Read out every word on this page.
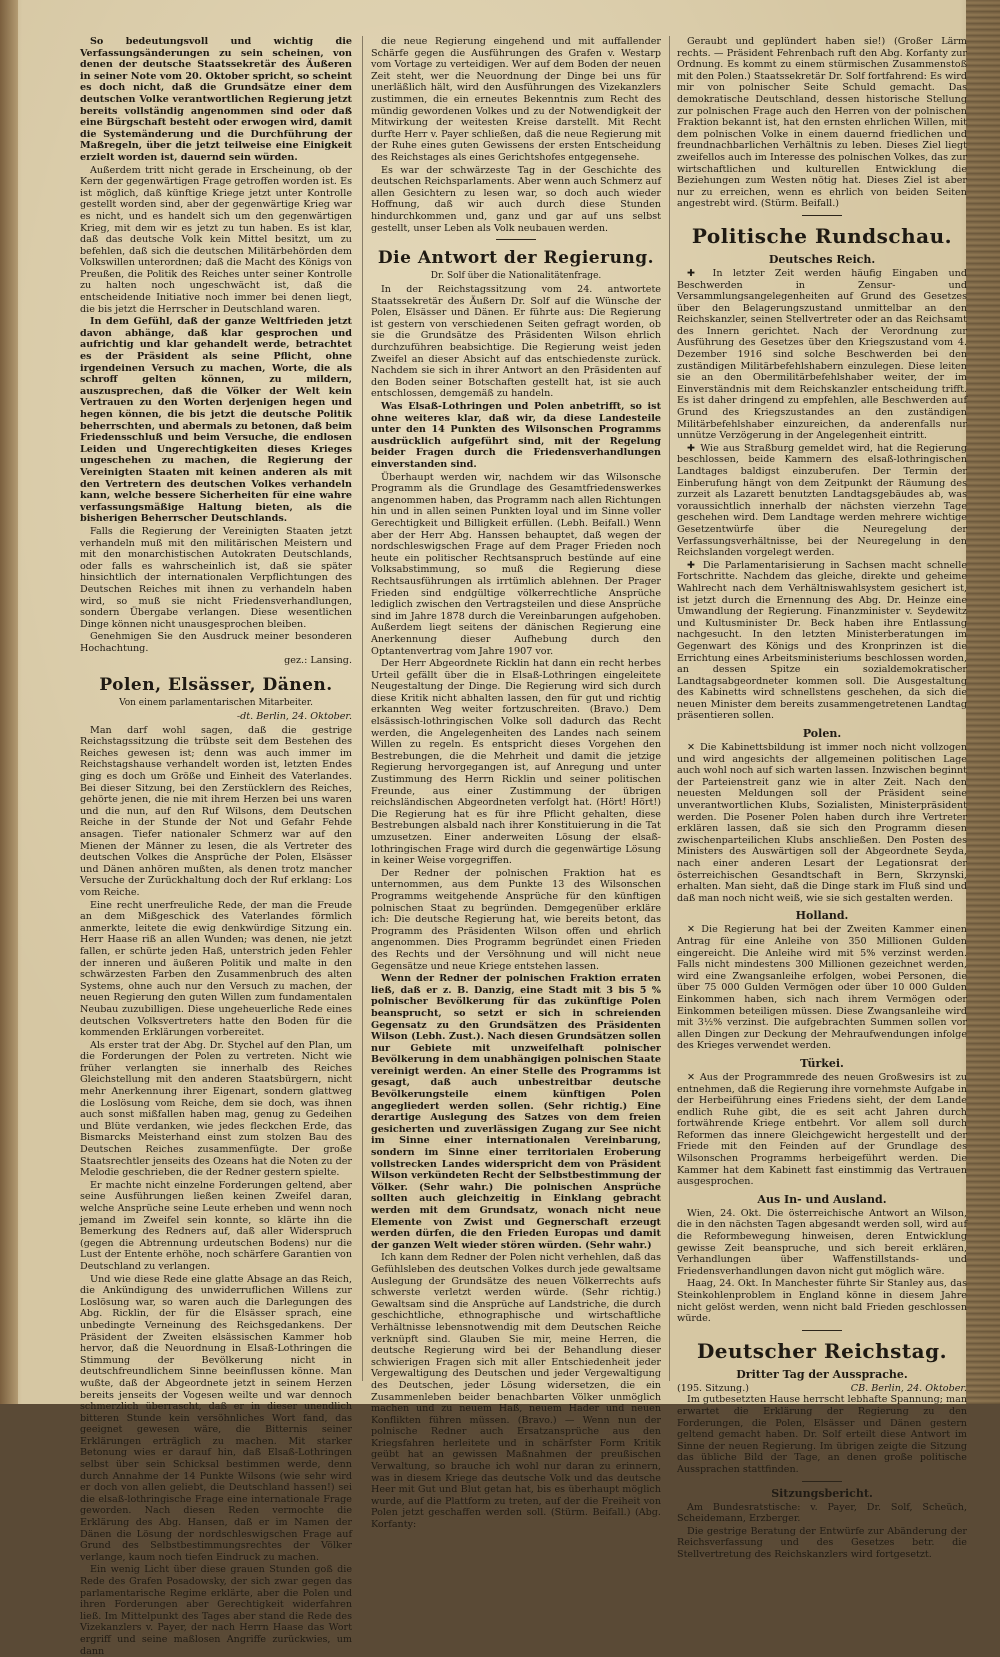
So bedeutungsvoll und wichtig die Verfassungsänderungen zu sein scheinen, von denen der deutsche Staatssekretär des Äußeren in seiner Note vom 20. Oktober spricht, so scheint es doch nicht, daß die Grundsätze einer dem deutschen Volke verantwortlichen Regierung jetzt bereits vollständig angenommen sind oder daß eine Bürgschaft besteht oder erwogen wird, damit die Systemänderung und die Durchführung der Maßregeln, über die jetzt teilweise eine Einigkeit erzielt worden ist, dauernd sein würden.

Außerdem tritt nicht gerade in Erscheinung, ob der Kern der gegenwärtigen Frage getroffen worden ist. Es ist möglich, daß künftige Kriege jetzt unter Kontrolle gestellt worden sind, aber der gegenwärtige Krieg war es nicht, und es handelt sich um den gegenwärtigen Krieg, mit dem wir es jetzt zu tun haben. Es ist klar, daß das deutsche Volk kein Mittel besitzt, um zu befehlen, daß sich die deutschen Militärbehörden dem Volkswillen unterordnen; daß die Macht des Königs von Preußen, die Politik des Reiches unter seiner Kontrolle zu halten noch ungeschwächt ist, daß die entscheidende Initiative noch immer bei denen liegt, die bis jetzt die Herrscher in Deutschland waren.

In dem Gefühl, daß der ganze Weltfrieden jetzt davon abhänge, daß klar gesprochen und aufrichtig und klar gehandelt werde, betrachtet es der Präsident als seine Pflicht, ohne irgendeinen Versuch zu machen, Worte, die als schroff gelten können, zu mildern, auszusprechen, daß die Völker der Welt kein Vertrauen zu den Worten derjenigen hegen und hegen können, die bis jetzt die deutsche Politik beherrschten, und abermals zu betonen, daß beim Friedensschluß und beim Versuche, die endlosen Leiden und Ungerechtigkeiten dieses Krieges ungeschehen zu machen, die Regierung der Vereinigten Staaten mit keinen anderen als mit den Vertretern des deutschen Volkes verhandeln kann, welche bessere Sicherheiten für eine wahre verfassungsmäßige Haltung bieten, als die bisherigen Beherrscher Deutschlands.

Falls die Regierung der Vereinigten Staaten jetzt verhandeln muß mit den militärischen Meistern und mit den monarchistischen Autokraten Deutschlands, oder falls es wahrscheinlich ist, daß sie später hinsichtlich der internationalen Verpflichtungen des Deutschen Reiches mit ihnen zu verhandeln haben wird, so muß sie nicht Friedensverhandlungen, sondern Übergabe verlangen. Diese wesentlichen Dinge können nicht unausgesprochen bleiben.

Genehmigen Sie den Ausdruck meiner besonderen Hochachtung.

gez.: Lansing.
Polen, Elsässer, Dänen.
Von einem parlamentarischen Mitarbeiter.
-dt. Berlin, 24. Oktober.

Man darf wohl sagen, daß die gestrige Reichstagssitzung die trübste seit dem Bestehen des Reiches gewesen ist; denn was auch immer im Reichstagshause verhandelt worden ist, letzten Endes ging es doch um Größe und Einheit des Vaterlandes. Bei dieser Sitzung, bei den Zerstücklern des Reiches, gehörte jenen, die nie mit ihrem Herzen bei uns waren und die nun, auf den Ruf Wilsons, dem Deutschen Reiche in der Stunde der Not und Gefahr Fehde ansagen. Tiefer nationaler Schmerz war auf den Mienen der Männer zu lesen, die als Vertreter des deutschen Volkes die Ansprüche der Polen, Elsässer und Dänen anhören mußten, als denen trotz mancher Versuche der Zurückhaltung doch der Ruf erklang: Los vom Reiche.

Eine recht unerfreuliche Rede, der man die Freude an dem Mißgeschick des Vaterlandes förmlich anmerkte, leitete die ewig denkwürdige Sitzung ein. Herr Haase riß an allen Wunden; was denen, nie jetzt fallen, er schürte jeden Haß, unterstrich jeden Fehler der inneren und äußeren Politik und malte in den schwärzesten Farben den Zusammenbruch des alten Systems, ohne auch nur den Versuch zu machen, der neuen Regierung den guten Willen zum fundamentalen Neubau zuzubilligen. Diese ungeheuerliche Rede eines deutschen Volksvertreters hatte den Boden für die kommenden Erklärungen vorbereitet.

Als erster trat der Abg. Dr. Stychel auf den Plan, um die Forderungen der Polen zu vertreten. Nicht wie früher verlangten sie innerhalb des Reiches Gleichstellung mit den anderen Staatsbürgern, nicht mehr Anerkennung ihrer Eigenart, sondern glattweg die Loslösung vom Reiche, dem sie doch, was ihnen auch sonst mißfallen haben mag, genug zu Gedeihen und Blüte verdanken, wie jedes fleckchen Erde, das Bismarcks Meisterhand einst zum stolzen Bau des Deutschen Reiches zusammenfügte. Der große Staatsrechtler jenseits des Ozeans hat die Noten zu der Melodie geschrieben, die der Redner gestern spielte.

Er machte nicht einzelne Forderungen geltend, aber seine Ausführungen ließen keinen Zweifel daran, welche Ansprüche seine Leute erheben und wenn noch jemand im Zweifel sein konnte, so klärte ihn die Bemerkung des Redners auf, daß aller Widerspruch (gegen die Abtrennung urdeutschen Bodens) nur die Lust der Entente erhöhe, noch schärfere Garantien von Deutschland zu verlangen.

Und wie diese Rede eine glatte Absage an das Reich, die Ankündigung des unwiderruflichen Willens zur Loslösung war, so waren auch die Darlegungen des Abg. Ricklin, der für die Elsässer sprach, eine unbedingte Verneinung des Reichsgedankens. Der Präsident der Zweiten elsässischen Kammer hob hervor, daß die Neuordnung in Elsaß-Lothringen die Stimmung der Bevölkerung nicht in deutschfreundlichem Sinne beeinflussen könne. Man wußte, daß der Abgeordnete jetzt in seinem Herzen bereits jenseits der Vogesen weilte und war dennoch schmerzlich überrascht, daß er in dieser unendlich bitteren Stunde kein versöhnliches Wort fand, das geeignet gewesen wäre, die Bitternis seiner Erklärungen erträglich zu machen. Mit starker Betonung wies er darauf hin, daß Elsaß-Lothringen selbst über sein Schicksal bestimmen werde, denn durch Annahme der 14 Punkte Wilsons (wie sehr wird er doch von allen geliebt, die Deutschland hassen!) sei die elsaß-lothringische Frage eine internationale Frage geworden. Nach diesen Reden vermochte die Erklärung des Abg. Hansen, daß er im Namen der Dänen die Lösung der nordschleswigschen Frage auf Grund des Selbstbestimmungsrechtes der Völker verlange, kaum noch tiefen Eindruck zu machen.

Ein wenig Licht über diese grauen Stunden goß die Rede des Grafen Posadowsky, der sich zwar gegen das parlamentarische Regime erklärte, aber die Polen und ihren Forderungen aber Gerechtigkeit widerfahren ließ. Im Mittelpunkt des Tages aber stand die Rede des Vizekanzlers v. Payer, der nach Herrn Haase das Wort ergriff und seine maßlosen Angriffe zurückwies, um dann

die neue Regierung eingehend und mit auffallender Schärfe gegen die Ausführungen des Grafen v. Westarp vom Vortage zu verteidigen. Wer auf dem Boden der neuen Zeit steht, wer die Neuordnung der Dinge bei uns für unerläßlich hält, wird den Ausführungen des Vizekanzlers zustimmen, die ein erneutes Bekenntnis zum Recht des mündig gewordenen Volkes und zu der Notwendigkeit der Mitwirkung der weitesten Kreise darstellt. Mit Recht durfte Herr v. Payer schließen, daß die neue Regierung mit der Ruhe eines guten Gewissens der ersten Entscheidung des Reichstages als eines Gerichtshofes entgegensehe.

Es war der schwärzeste Tag in der Geschichte des deutschen Reichsparlaments. Aber wenn auch Schmerz auf allen Gesichtern zu lesen war, so doch auch wieder Hoffnung, daß wir auch durch diese Stunden hindurchkommen und, ganz und gar auf uns selbst gestellt, unser Leben als Volk neubauen werden.

Die Antwort der Regierung.
Dr. Solf über die Nationalitätenfrage.

In der Reichstagssitzung vom 24. antwortete Staatssekretär des Äußern Dr. Solf auf die Wünsche der Polen, Elsässer und Dänen. Er führte aus: Die Regierung ist gestern von verschiedenen Seiten gefragt worden, ob sie die Grundsätze des Präsidenten Wilson ehrlich durchzuführen beabsichtige. Die Regierung weist jeden Zweifel an dieser Absicht auf das entschiedenste zurück. Nachdem sie sich in ihrer Antwort an den Präsidenten auf den Boden seiner Botschaften gestellt hat, ist sie auch entschlossen, demgemäß zu handeln.

Was Elsaß-Lothringen und Polen anbetrifft, so ist ohne weiteres klar, daß wir, da diese Landesteile unter den 14 Punkten des Wilsonschen Programms ausdrücklich aufgeführt sind, mit der Regelung beider Fragen durch die Friedensverhandlungen einverstanden sind.

Überhaupt werden wir, nachdem wir das Wilsonsche Programm als die Grundlage des Gesamtfriedenswerkes angenommen haben, das Programm nach allen Richtungen hin und in allen seinen Punkten loyal und im Sinne voller Gerechtigkeit und Billigkeit erfüllen. (Lebh. Beifall.) Wenn aber der Herr Abg. Hanssen behauptet, daß wegen der nordschleswigschen Frage auf dem Prager Frieden noch heute ein politischer Rechtsanspruch bestünde auf eine Volksabstimmung, so muß die Regierung diese Rechtsausführungen als irrtümlich ablehnen. Der Prager Frieden sind endgültige völkerrechtliche Ansprüche lediglich zwischen den Vertragsteilen und diese Ansprüche sind im Jahre 1878 durch die Vereinbarungen aufgehoben. Außerdem liegt seitens der dänischen Regierung eine Anerkennung dieser Aufhebung durch den Optantenvertrag vom Jahre 1907 vor.

Der Herr Abgeordnete Ricklin hat dann ein recht herbes Urteil gefällt über die in Elsaß-Lothringen eingeleitete Neugestaltung der Dinge. Die Regierung wird sich durch diese Kritik nicht abhalten lassen, den für gut und richtig erkannten Weg weiter fortzuschreiten. (Bravo.) Dem elsässisch-lothringischen Volke soll dadurch das Recht werden, die Angelegenheiten des Landes nach seinem Willen zu regeln. Es entspricht dieses Vorgehen den Bestrebungen, die die Mehrheit und damit die jetzige Regierung hervorgegangen ist, auf Anregung und unter Zustimmung des Herrn Ricklin und seiner politischen Freunde, aus einer Zustimmung der übrigen reichsländischen Abgeordneten verfolgt hat. (Hört! Hört!) Die Regierung hat es für ihre Pflicht gehalten, diese Bestrebungen alsbald nach ihrer Konstituierung in die Tat umzusetzen. Einer anderweiten Lösung der elsaß-lothringischen Frage wird durch die gegenwärtige Lösung in keiner Weise vorgegriffen.

Der Redner der polnischen Fraktion hat es unternommen, aus dem Punkte 13 des Wilsonschen Programms weitgehende Ansprüche für den künftigen polnischen Staat zu begründen. Demgegenüber erkläre ich: Die deutsche Regierung hat, wie bereits betont, das Programm des Präsidenten Wilson offen und ehrlich angenommen. Dies Programm begründet einen Frieden des Rechts und der Versöhnung und will nicht neue Gegensätze und neue Kriege entstehen lassen.

Wenn der Redner der polnischen Fraktion erraten ließ, daß er z. B. Danzig, eine Stadt mit 3 bis 5 % polnischer Bevölkerung für das zukünftige Polen beansprucht, so setzt er sich in schreienden Gegensatz zu den Grundsätzen des Präsidenten Wilson (Lebh. Zust.). Nach diesen Grundsätzen sollen nur Gebiete mit unzweifelhaft polnischer Bevölkerung in dem unabhängigen polnischen Staate vereinigt werden. An einer Stelle des Programms ist gesagt, daß auch unbestreitbar deutsche Bevölkerungsteile einem künftigen Polen angegliedert werden sollen. (Sehr richtig.) Eine derartige Auslegung des Satzes von dem freien gesicherten und zuverlässigen Zugang zur See nicht im Sinne einer internationalen Vereinbarung, sondern im Sinne einer territorialen Eroberung vollstrecken Landes widerspricht dem von Präsident Wilson verkündeten Recht der Selbstbestimmung der Völker. (Sehr wahr.) Die polnischen Ansprüche sollten auch gleichzeitig in Einklang gebracht werden mit dem Grundsatz, wonach nicht neue Elemente von Zwist und Gegnerschaft erzeugt werden dürfen, die den Frieden Europas und damit der ganzen Welt wieder stören würden. (Sehr wahr.)

Ich kann dem Redner der Polen nicht verhehlen, daß das Gefühlsleben des deutschen Volkes durch jede gewaltsame Auslegung der Grundsätze des neuen Völkerrechts aufs schwerste verletzt werden würde. (Sehr richtig.) Gewaltsam sind die Ansprüche auf Landstriche, die durch geschichtliche, ethnographische und wirtschaftliche Verhältnisse lebensnotwendig mit dem Deutschen Reiche verknüpft sind. Glauben Sie mir, meine Herren, die deutsche Regierung wird bei der Behandlung dieser schwierigen Fragen sich mit aller Entschiedenheit jeder Vergewaltigung des Deutschen und jeder Vergewaltigung des Deutschen, jeder Lösung widersetzen, die ein Zusammenleben beider benachbarten Völker unmöglich machen und zu neuem Haß, neuem Hader und neuen Konflikten führen müssen. (Bravo.) — Wenn nun der polnische Redner auch Ersatzansprüche aus den Kriegsfahren herleitete und in schärfster Form Kritik geübt hat an gewissen Maßnahmen der preußischen Verwaltung, so brauche ich wohl nur daran zu erinnern, was in diesem Kriege das deutsche Volk und das deutsche Heer mit Gut und Blut getan hat, bis es überhaupt möglich wurde, auf die Plattform zu treten, auf der die Freiheit von Polen jetzt geschaffen werden soll. (Stürm. Beifall.) (Abg. Korfanty:

Geraubt und geplündert haben sie!) (Großer Lärm rechts. — Präsident Fehrenbach ruft den Abg. Korfanty zur Ordnung. Es kommt zu einem stürmischen Zusammenstoß mit den Polen.) Staatssekretär Dr. Solf fortfahrend: Es wird mir von polnischer Seite Schuld gemacht. Das demokratische Deutschland, dessen historische Stellung zur polnischen Frage auch den Herren von der polnischen Fraktion bekannt ist, hat den ernsten ehrlichen Willen, mit dem polnischen Volke in einem dauernd friedlichen und freundnachbarlichen Verhältnis zu leben. Dieses Ziel liegt zweifellos auch im Interesse des polnischen Volkes, das zur wirtschaftlichen und kulturellen Entwicklung die Beziehungen zum Westen nötig hat. Dieses Ziel ist aber nur zu erreichen, wenn es ehrlich von beiden Seiten angestrebt wird. (Stürm. Beifall.)

Politische Rundschau.
Deutsches Reich.

✚ In letzter Zeit werden häufig Eingaben und Beschwerden in Zensur- und Versammlungsangelegenheiten auf Grund des Gesetzes über den Belagerungszustand unmittelbar an den Reichskanzler, seinen Stellvertreter oder an das Reichsamt des Innern gerichtet. Nach der Verordnung zur Ausführung des Gesetzes über den Kriegszustand vom 4. Dezember 1916 sind solche Beschwerden bei den zuständigen Militärbefehlshabern einzulegen. Diese leiten sie an den Obermilitärbefehlshaber weiter, der im Einverständnis mit dem Reichskanzler entscheidung trifft. Es ist daher dringend zu empfehlen, alle Beschwerden auf Grund des Kriegszustandes an den zuständigen Militärbefehlshaber einzureichen, da anderenfalls nur unnütze Verzögerung in der Angelegenheit eintritt.

✚ Wie aus Straßburg gemeldet wird, hat die Regierung beschlossen, beide Kammern des elsaß-lothringischen Landtages baldigst einzuberufen. Der Termin der Einberufung hängt von dem Zeitpunkt der Räumung des zurzeit als Lazarett benutzten Landtagsgebäudes ab, was voraussichtlich innerhalb der nächsten vierzehn Tage geschehen wird. Dem Landtage werden mehrere wichtige Gesetzentwürfe über die Neuregelung der Verfassungsverhältnisse, bei der Neuregelung in den Reichslanden vorgelegt werden.

✚ Die Parlamentarisierung in Sachsen macht schnelle Fortschritte. Nachdem das gleiche, direkte und geheime Wahlrecht nach dem Verhältniswahlsystem gesichert ist, ist jetzt durch die Ernennung des Abg. Dr. Heinze eine Umwandlung der Regierung. Finanzminister v. Seydewitz und Kultusminister Dr. Beck haben ihre Entlassung nachgesucht. In den letzten Ministerberatungen im Gegenwart des Königs und des Kronprinzen ist die Errichtung eines Arbeitsministeriums beschlossen worden, an dessen Spitze ein sozialdemokratischer Landtagsabgeordneter kommen soll. Die Ausgestaltung des Kabinetts wird schnellstens geschehen, da sich die neuen Minister dem bereits zusammengetretenen Landtag präsentieren sollen.

Polen.

✕ Die Kabinettsbildung ist immer noch nicht vollzogen und wird angesichts der allgemeinen politischen Lage auch wohl noch auf sich warten lassen. Inzwischen beginnt der Parteienstreit ganz wie in alter Zeit. Nach den neuesten Meldungen soll der Präsident seine unverantwortlichen Klubs, Sozialisten, Ministerpräsident werden. Die Posener Polen haben durch ihre Vertreter erklären lassen, daß sie sich den Programm diesen zwischenparteilichen Klubs anschließen. Den Posten des Ministers des Auswärtigen soll der Abgeordnete Seyda, nach einer anderen Lesart der Legationsrat der österreichischen Gesandtschaft in Bern, Skrzynski, erhalten. Man sieht, daß die Dinge stark im Fluß sind und daß man noch nicht weiß, wie sie sich gestalten werden.

Holland.

✕ Die Regierung hat bei der Zweiten Kammer einen Antrag für eine Anleihe von 350 Millionen Gulden eingereicht. Die Anleihe wird mit 5% verzinst werden. Falls nicht mindestens 300 Millionen gezeichnet werden, wird eine Zwangsanleihe erfolgen, wobei Personen, die über 75 000 Gulden Vermögen oder über 10 000 Gulden Einkommen haben, sich nach ihrem Vermögen oder Einkommen beteiligen müssen. Diese Zwangsanleihe wird mit 3½% verzinst. Die aufgebrachten Summen sollen vor allen Dingen zur Deckung der Mehraufwendungen infolge des Krieges verwendet werden.

Türkei.

✕ Aus der Programmrede des neuen Großwesirs ist zu entnehmen, daß die Regierung ihre vornehmste Aufgabe in der Herbeiführung eines Friedens sieht, der dem Lande endlich Ruhe gibt, die es seit acht Jahren durch fortwährende Kriege entbehrt. Vor allem soll durch Reformen das innere Gleichgewicht hergestellt und der Friede mit den Feinden auf der Grundlage des Wilsonschen Programms herbeigeführt werden. Die Kammer hat dem Kabinett fast einstimmig das Vertrauen ausgesprochen.

Aus In- und Ausland.

Wien, 24. Okt. Die österreichische Antwort an Wilson, die in den nächsten Tagen abgesandt werden soll, wird auf die Reformbewegung hinweisen, deren Entwicklung gewisse Zeit beanspruche, und sich bereit erklären, Verhandlungen über Waffenstillstands- und Friedensverhandlungen davon nicht gut möglich wäre.

Haag, 24. Okt. In Manchester führte Sir Stanley aus, das Steinkohlenproblem in England könne in diesem Jahre nicht gelöst werden, wenn nicht bald Frieden geschlossen würde.

Deutscher Reichstag.
Dritter Tag der Aussprache.
(195. Sitzung.)	CB. Berlin, 24. Oktober.

Im gutbesetzten Hause herrscht lebhafte Spannung; man erwartet die Erklärung der Regierung zu den Forderungen, die Polen, Elsässer und Dänen gestern geltend gemacht haben. Dr. Solf erteilt diese Antwort im Sinne der neuen Regierung. Im übrigen zeigte die Sitzung das übliche Bild der Tage, an denen große politische Aussprachen stattfinden.

Sitzungsbericht.

Am Bundesratstische: v. Payer, Dr. Solf, Scheüch, Scheidemann, Erzberger.

Die gestrige Beratung der Entwürfe zur Abänderung der Reichsverfassung und des Gesetzes betr. die Stellvertretung des Reichskanzlers wird fortgesetzt.
